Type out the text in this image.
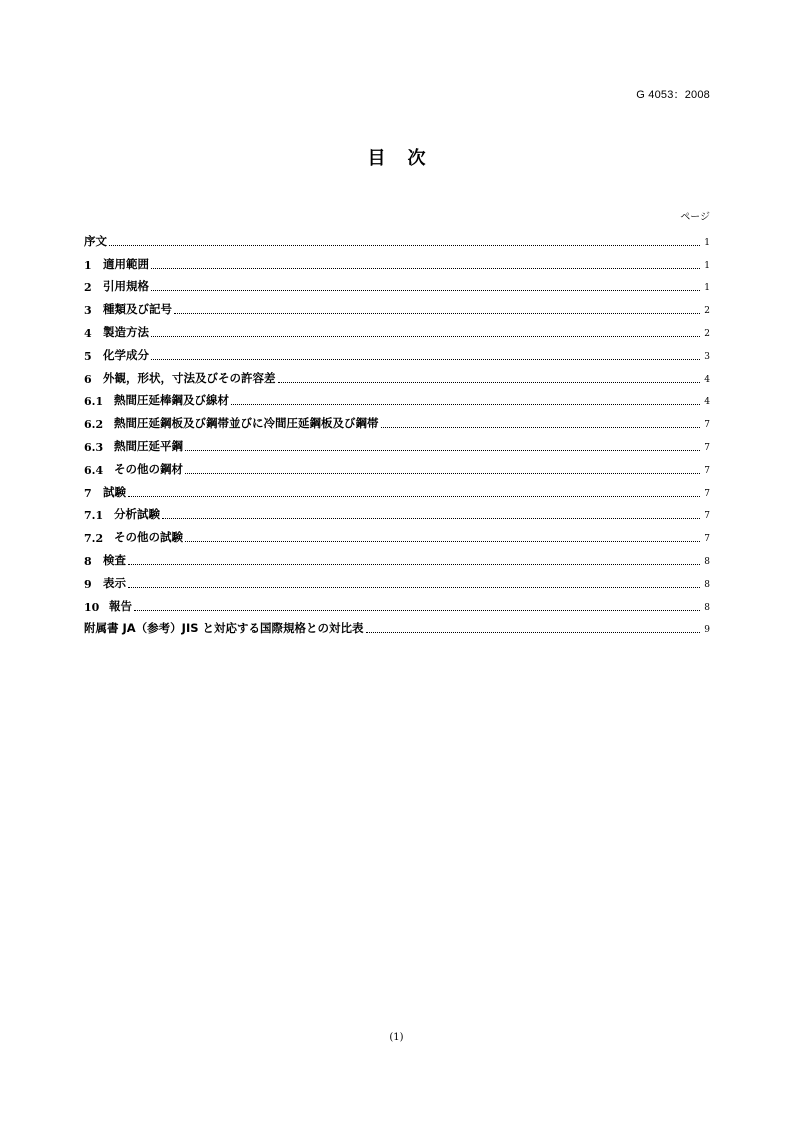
G 4053：2008
目 次
ページ
序文	1
1 適用範囲	1
2 引用規格	1
3 種類及び記号	2
4 製造方法	2
5 化学成分	3
6 外観，形状，寸法及びその許容差	4
6.1 熱間圧延棒鋼及び線材	4
6.2 熱間圧延鋼板及び鋼帯並びに冷間圧延鋼板及び鋼帯	7
6.3 熱間圧延平鋼	7
6.4 その他の鋼材	7
7 試験	7
7.1 分析試験	7
7.2 その他の試験	7
8 検査	8
9 表示	8
10 報告	8
附属書 JA（参考）JIS と対応する国際規格との対比表	9
(1)
